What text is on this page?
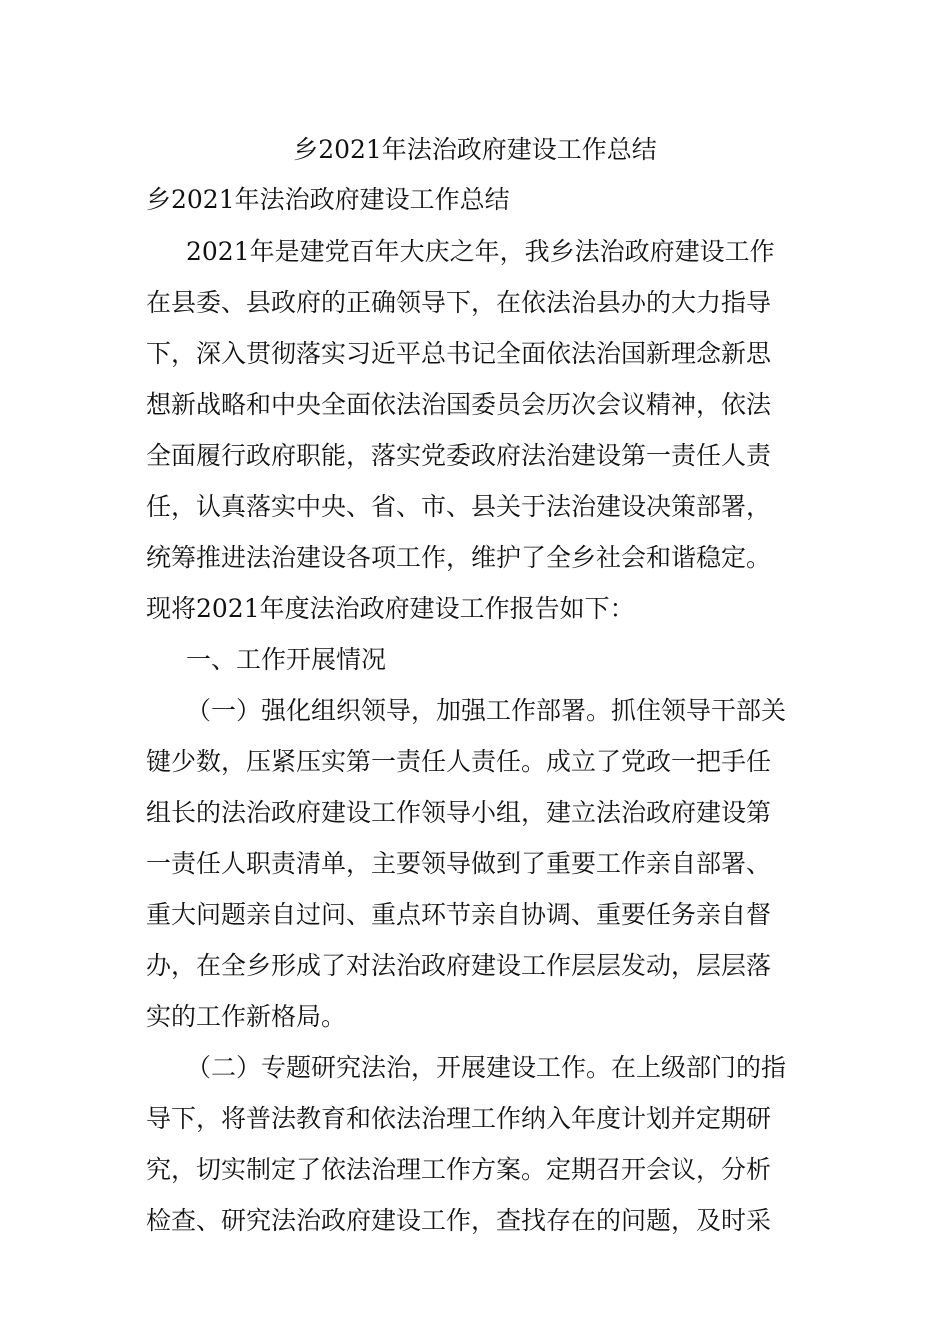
乡2021年法治政府建设工作总结
乡2021年法治政府建设工作总结
2021年是建党百年大庆之年，我乡法治政府建设工作
在县委、县政府的正确领导下，在依法治县办的大力指导
下，深入贯彻落实习近平总书记全面依法治国新理念新思
想新战略和中央全面依法治国委员会历次会议精神，依法
全面履行政府职能，落实党委政府法治建设第一责任人责
任，认真落实中央、省、市、县关于法治建设决策部署，
统筹推进法治建设各项工作，维护了全乡社会和谐稳定。
现将2021年度法治政府建设工作报告如下：
一、工作开展情况
（一）强化组织领导，加强工作部署。抓住领导干部关
键少数，压紧压实第一责任人责任。成立了党政一把手任
组长的法治政府建设工作领导小组，建立法治政府建设第
一责任人职责清单，主要领导做到了重要工作亲自部署、
重大问题亲自过问、重点环节亲自协调、重要任务亲自督
办，在全乡形成了对法治政府建设工作层层发动，层层落
实的工作新格局。
（二）专题研究法治，开展建设工作。在上级部门的指
导下，将普法教育和依法治理工作纳入年度计划并定期研
究，切实制定了依法治理工作方案。定期召开会议，分析
检查、研究法治政府建设工作，查找存在的问题，及时采
